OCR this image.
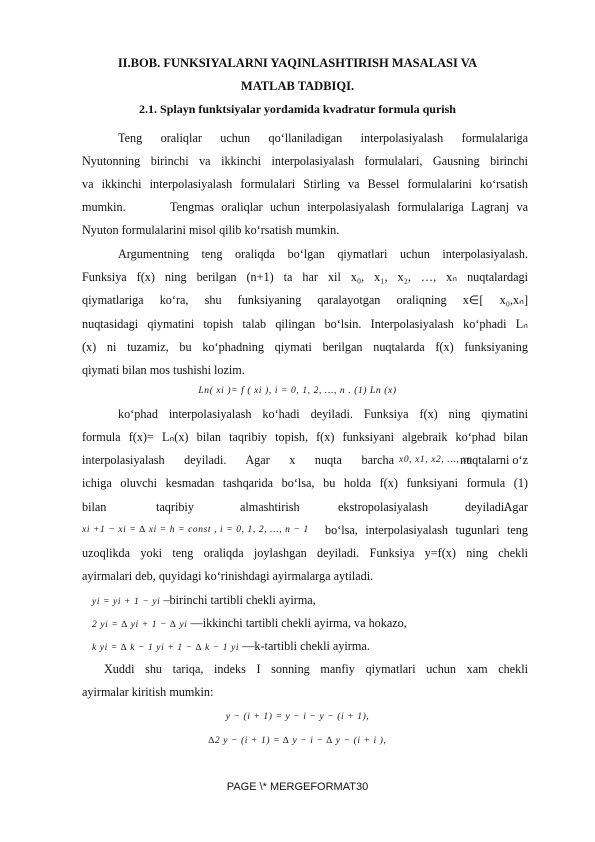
II.BOB. FUNKSIYALARNI YAQINLASHTIRISH MASALASI VA
MATLAB TADBIQI.
2.1. Splayn funktsiyalar yordamida kvadratur formula qurish
Teng oraliqlar uchun qo‘llaniladigan interpolasiyalash formulalariga
Nyutonning birinchi va ikkinchi interpolasiyalash formulalari, Gausning birinchi
va ikkinchi interpolasiyalash formulalari Stirling va Bessel formulalarini ko‘rsatish
mumkin.	Tengmas oraliqlar uchun interpolasiyalash formulalariga Lagranj va
Nyuton formulalarini misol qilib ko‘rsatish mumkin.
Argumentning teng oraliqda bo‘lgan qiymatlari uchun interpolasiyalash.
Funksiya f(x) ning berilgan (n+1) ta har xil x₀, x₁, x₂, …, xₙ nuqtalardagi
qiymatlariga ko‘ra, shu funksiyaning qaralayotgan oraliqning x∈[ x₀,xₙ]
nuqtasidagi qiymatini topish talab qilingan bo‘lsin. Interpolasiyalash ko‘phadi Lₙ
(x) ni tuzamiz, bu ko‘phadning qiymati berilgan nuqtalarda f(x) funksiyaning
qiymati bilan mos tushishi lozim.
Ln( xi )= f ( xi ), i = 0, 1, 2, …, n . (1) Ln (x)
ko‘phad interpolasiyalash ko‘hadi deyiladi. Funksiya f(x) ning qiymatini
formula f(x)= Lₙ(x) bilan taqribiy topish, f(x) funksiyani algebraik ko‘phad bilan
interpolasiyalash deyiladi. Agar x nuqta barcha x0, x1, x2, …, xn
nuqtalarni o‘z
ichiga oluvchi kesmadan tashqarida bo‘lsa, bu holda f(x) funksiyani formula (1)
bilan	taqribiy	almashtirish	ekstropolasiyalash	deyiladi.
Agar
xi +1 − xi = ∆ xi = h = const , i = 0, 1, 2, …, n − 1 bo‘lsa, interpolasiyalash tugunlari teng
uzoqlikda yoki teng oraliqda joylashgan deyiladi. Funksiya y=f(x) ning chekli
ayirmalari deb, quyidagi ko‘rinishdagi ayirmalarga aytiladi.
yi = yi + 1 − yi –birinchi tartibli chekli ayirma,
2 yi = ∆ yi + 1 − ∆ yi —ikkinchi tartibli chekli ayirma, va hokazo,
k yi = ∆ k − 1 yi + 1 − ∆ k − 1 yi —k-tartibli chekli ayirma.
Xuddi shu tariqa, indeks I sonning manfiy qiymatlari uchun xam chekli
ayirmalar kiritish mumkin:
y − (i + 1) = y − i − y − (i + 1),
∆2 y − (i + 1) = ∆ y − i − ∆ y − (i + i ),
PAGE \* MERGEFORMAT30
